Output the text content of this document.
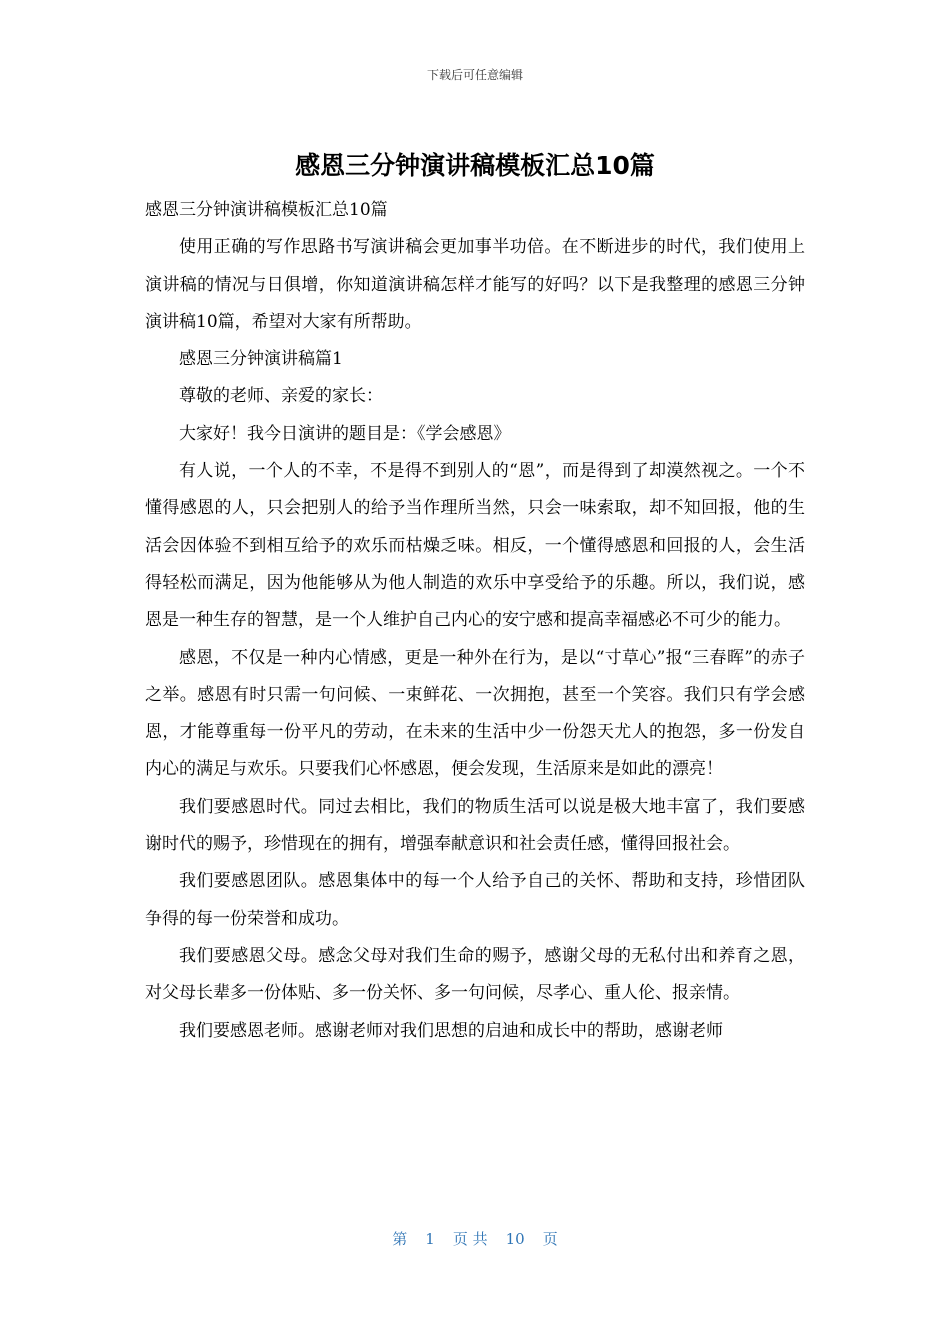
下载后可任意编辑
感恩三分钟演讲稿模板汇总10篇

感恩三分钟演讲稿模板汇总10篇

使用正确的写作思路书写演讲稿会更加事半功倍。在不断进步的时代，我们使用上演讲稿的情况与日俱增，你知道演讲稿怎样才能写的好吗？以下是我整理的感恩三分钟演讲稿10篇，希望对大家有所帮助。

感恩三分钟演讲稿篇1

尊敬的老师、亲爱的家长：

大家好！我今日演讲的题目是：《学会感恩》

有人说，一个人的不幸，不是得不到别人的“恩”，而是得到了却漠然视之。一个不懂得感恩的人，只会把别人的给予当作理所当然，只会一味索取，却不知回报，他的生活会因体验不到相互给予的欢乐而枯燥乏味。相反，一个懂得感恩和回报的人，会生活得轻松而满足，因为他能够从为他人制造的欢乐中享受给予的乐趣。所以，我们说，感恩是一种生存的智慧，是一个人维护自己内心的安宁感和提高幸福感必不可少的能力。

感恩，不仅是一种内心情感，更是一种外在行为，是以“寸草心”报“三春晖”的赤子之举。感恩有时只需一句问候、一束鲜花、一次拥抱，甚至一个笑容。我们只有学会感恩，才能尊重每一份平凡的劳动，在未来的生活中少一份怨天尤人的抱怨，多一份发自内心的满足与欢乐。只要我们心怀感恩，便会发现，生活原来是如此的漂亮！

我们要感恩时代。同过去相比，我们的物质生活可以说是极大地丰富了，我们要感谢时代的赐予，珍惜现在的拥有，增强奉献意识和社会责任感，懂得回报社会。

我们要感恩团队。感恩集体中的每一个人给予自己的关怀、帮助和支持，珍惜团队争得的每一份荣誉和成功。

我们要感恩父母。感念父母对我们生命的赐予，感谢父母的无私付出和养育之恩，对父母长辈多一份体贴、多一份关怀、多一句问候，尽孝心、重人伦、报亲情。

我们要感恩老师。感谢老师对我们思想的启迪和成长中的帮助，感谢老师

第 1 页 共 10 页
